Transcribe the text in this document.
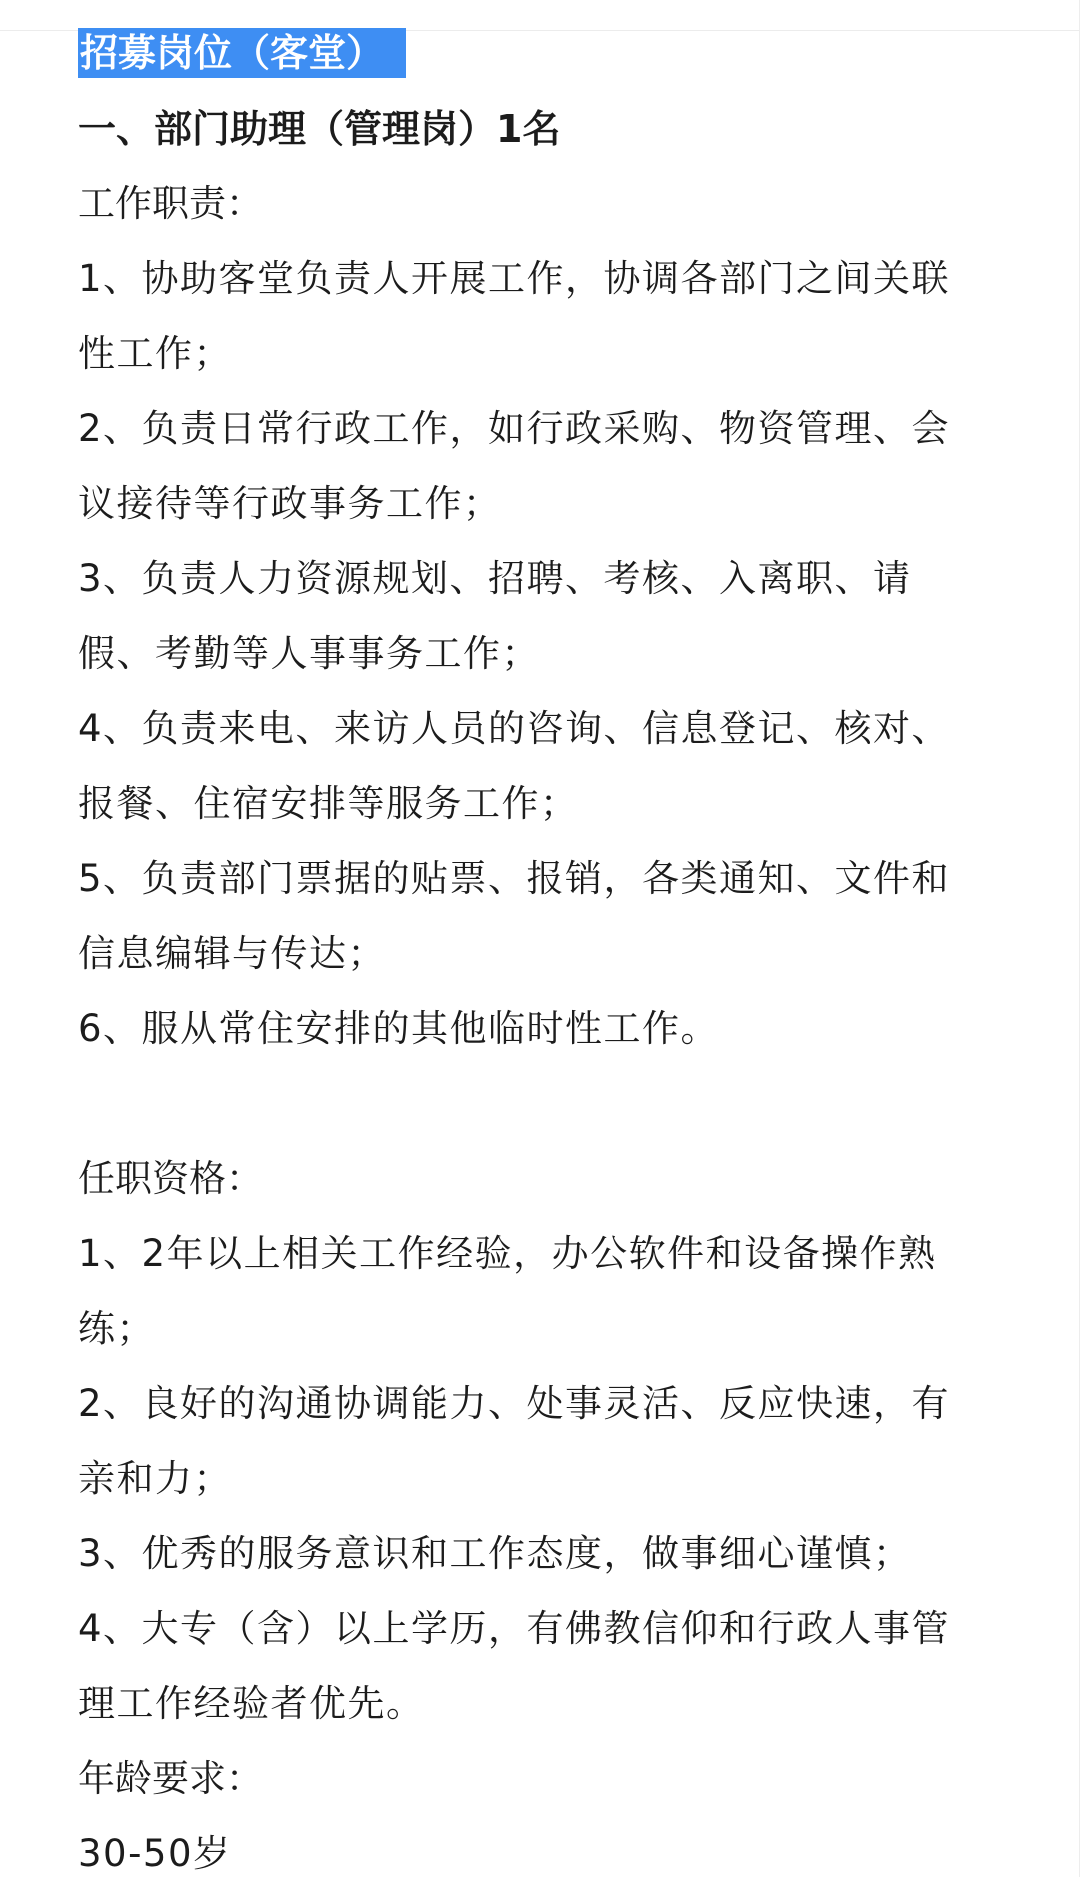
招募岗位（客堂）

一、部门助理（管理岗）1名

工作职责：

1、协助客堂负责人开展工作，协调各部门之间关联

性工作；

2、负责日常行政工作，如行政采购、物资管理、会

议接待等行政事务工作；

3、负责人力资源规划、招聘、考核、入离职、请

假、考勤等人事事务工作；

4、负责来电、来访人员的咨询、信息登记、核对、

报餐、住宿安排等服务工作；

5、负责部门票据的贴票、报销，各类通知、文件和

信息编辑与传达；

6、服从常住安排的其他临时性工作。

任职资格：

1、2年以上相关工作经验，办公软件和设备操作熟

练；

2、良好的沟通协调能力、处事灵活、反应快速，有

亲和力；

3、优秀的服务意识和工作态度，做事细心谨慎；

4、大专（含）以上学历，有佛教信仰和行政人事管

理工作经验者优先。

年龄要求：

30-50岁
